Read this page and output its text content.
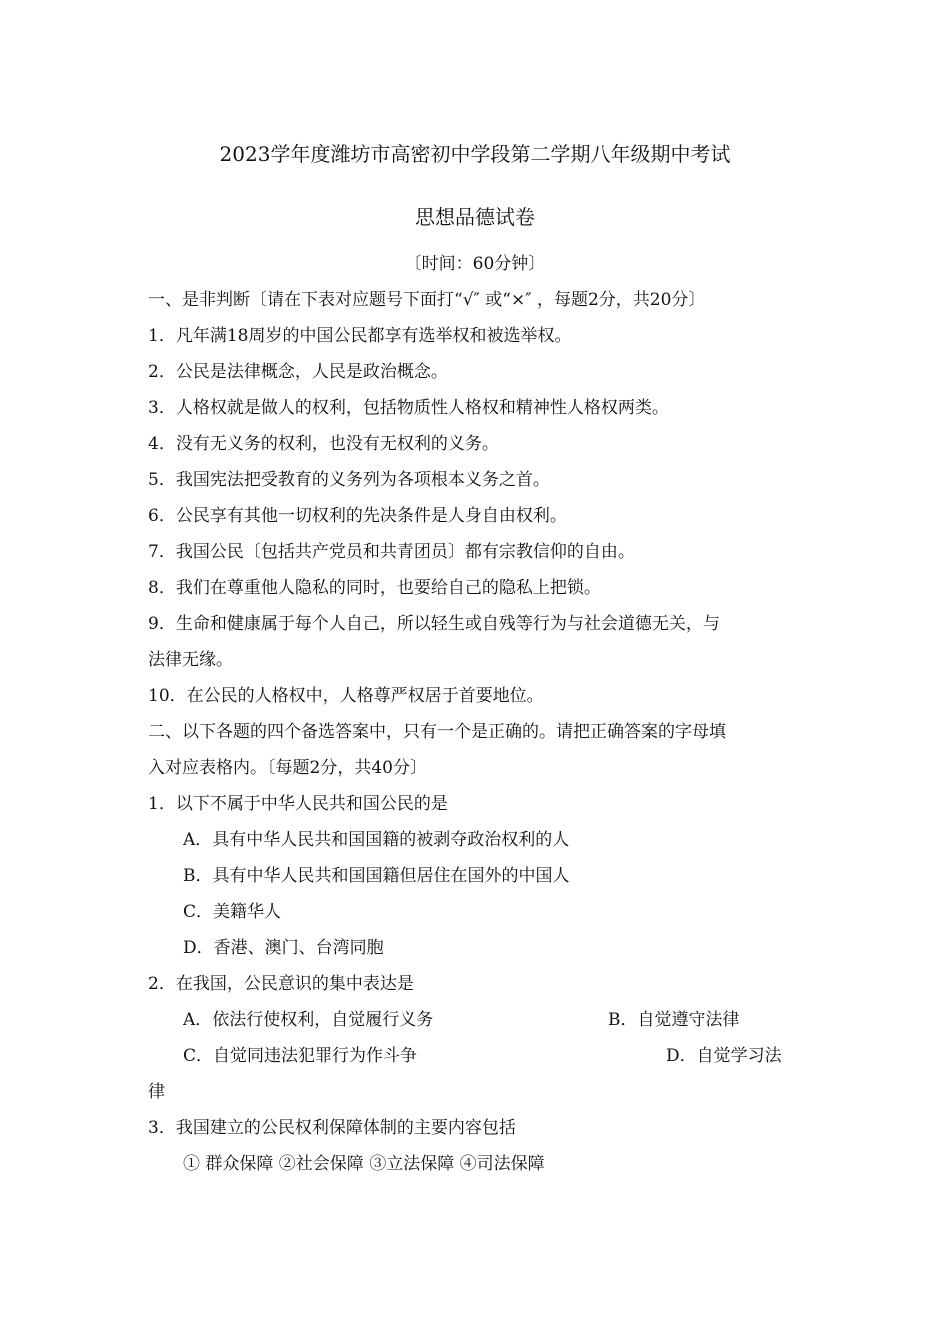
2023学年度潍坊市高密初中学段第二学期八年级期中考试
思想品德试卷
〔时间：60分钟〕
一、是非判断〔请在下表对应题号下面打“√″ 或“×″ ，每题2分，共20分〕
1．凡年满18周岁的中国公民都享有选举权和被选举权。
2．公民是法律概念，人民是政治概念。
3．人格权就是做人的权利，包括物质性人格权和精神性人格权两类。
4．没有无义务的权利，也没有无权利的义务。
5．我国宪法把受教育的义务列为各项根本义务之首。
6．公民享有其他一切权利的先决条件是人身自由权利。
7．我国公民〔包括共产党员和共青团员〕都有宗教信仰的自由。
8．我们在尊重他人隐私的同时，也要给自己的隐私上把锁。
9．生命和健康属于每个人自己，所以轻生或自残等行为与社会道德无关，与
法律无缘。
10．在公民的人格权中，人格尊严权居于首要地位。
二、以下各题的四个备选答案中，只有一个是正确的。请把正确答案的字母填
入对应表格内。〔每题2分，共40分〕
1．以下不属于中华人民共和国公民的是
A．具有中华人民共和国国籍的被剥夺政治权利的人
B．具有中华人民共和国国籍但居住在国外的中国人
C．美籍华人
D．香港、澳门、台湾同胞
2．在我国，公民意识的集中表达是
A．依法行使权利，自觉履行义务	B．自觉遵守法律
C．自觉同违法犯罪行为作斗争	D．自觉学习法
律
3．我国建立的公民权利保障体制的主要内容包括
① 群众保障 ②社会保障 ③立法保障 ④司法保障
